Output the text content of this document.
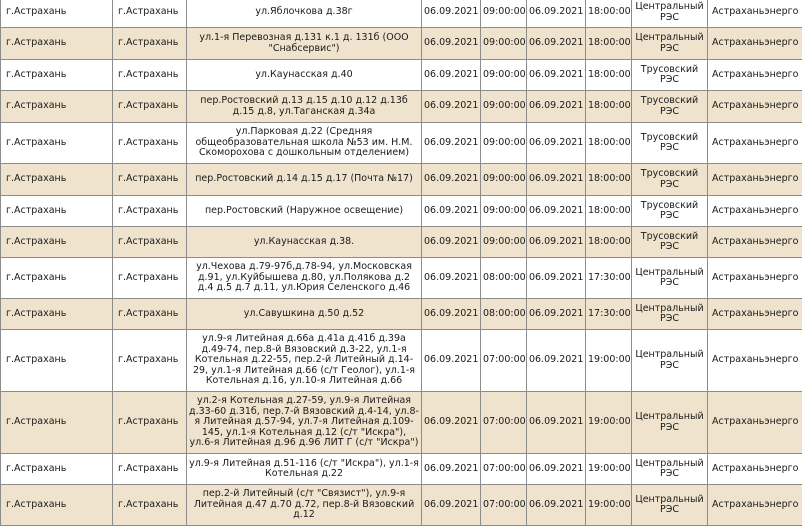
г.Астрахань	г.Астрахань	ул.Яблочкова д.38г	06.09.2021	09:00:00	06.09.2021	18:00:00	Центральный РЭС	Астраханьэнерго
г.Астрахань	г.Астрахань	ул.1-я Перевозная д.131 к.1 д. 131б (ООО "Снабсервис")	06.09.2021	09:00:00	06.09.2021	18:00:00	Центральный РЭС	Астраханьэнерго
г.Астрахань	г.Астрахань	ул.Каунасская д.40	06.09.2021	09:00:00	06.09.2021	18:00:00	Трусовский РЭС	Астраханьэнерго
г.Астрахань	г.Астрахань	пер.Ростовский д.13 д.15 д.10 д.12 д.13б д.15 д.8, ул.Таганская д.34а	06.09.2021	09:00:00	06.09.2021	18:00:00	Трусовский РЭС	Астраханьэнерго
г.Астрахань	г.Астрахань	ул.Парковая д.22 (Средняя общеобразовательная школа №53 им. Н.М. Скоморохова с дошкольным отделением)	06.09.2021	09:00:00	06.09.2021	18:00:00	Трусовский РЭС	Астраханьэнерго
г.Астрахань	г.Астрахань	пер.Ростовский д.14 д.15 д.17 (Почта №17)	06.09.2021	09:00:00	06.09.2021	18:00:00	Трусовский РЭС	Астраханьэнерго
г.Астрахань	г.Астрахань	пер.Ростовский (Наружное освещение)	06.09.2021	09:00:00	06.09.2021	18:00:00	Трусовский РЭС	Астраханьэнерго
г.Астрахань	г.Астрахань	ул.Каунасская д.38.	06.09.2021	09:00:00	06.09.2021	18:00:00	Трусовский РЭС	Астраханьэнерго
г.Астрахань	г.Астрахань	ул.Чехова д.79-97б,д.78-94, ул.Московская д.91, ул.Куйбышева д.80, ул.Полякова д.2 д.4 д.5 д.7 д.11, ул.Юрия Селенского д.46	06.09.2021	08:00:00	06.09.2021	17:30:00	Центральный РЭС	Астраханьэнерго
г.Астрахань	г.Астрахань	ул.Савушкина д.50 д.52	06.09.2021	08:00:00	06.09.2021	17:30:00	Центральный РЭС	Астраханьэнерго
г.Астрахань	г.Астрахань	ул.9-я Литейная д.66а д.41а д.41б д.39а д.49-74, пер.8-й Вязовский д.3-22, ул.1-я Котельная д.22-55, пер.2-й Литейный д.14-29, ул.1-я Литейная д.66 (с/т Геолог), ул.1-я Котельная д.16, ул.10-я Литейная д.66	06.09.2021	07:00:00	06.09.2021	19:00:00	Центральный РЭС	Астраханьэнерго
г.Астрахань	г.Астрахань	ул.2-я Котельная д.27-59, ул.9-я Литейная д.33-60 д.31б, пер.7-й Вязовский д.4-14, ул.8-я Литейная д.57-94, ул.7-я Литейная д.109-145, ул.1-я Котельная д.12 (с/т "Искра"), ул.6-я Литейная д.96 д.96 ЛИТ Г (с/т "Искра")	06.09.2021	07:00:00	06.09.2021	19:00:00	Центральный РЭС	Астраханьэнерго
г.Астрахань	г.Астрахань	ул.9-я Литейная д.51-116 (с/т "Искра"), ул.1-я Котельная д.22	06.09.2021	07:00:00	06.09.2021	19:00:00	Центральный РЭС	Астраханьэнерго
г.Астрахань	г.Астрахань	пер.2-й Литейный (с/т "Связист"), ул.9-я Литейная д.47 д.70 д.72, пер.8-й Вязовский д.12	06.09.2021	07:00:00	06.09.2021	19:00:00	Центральный РЭС	Астраханьэнерго
